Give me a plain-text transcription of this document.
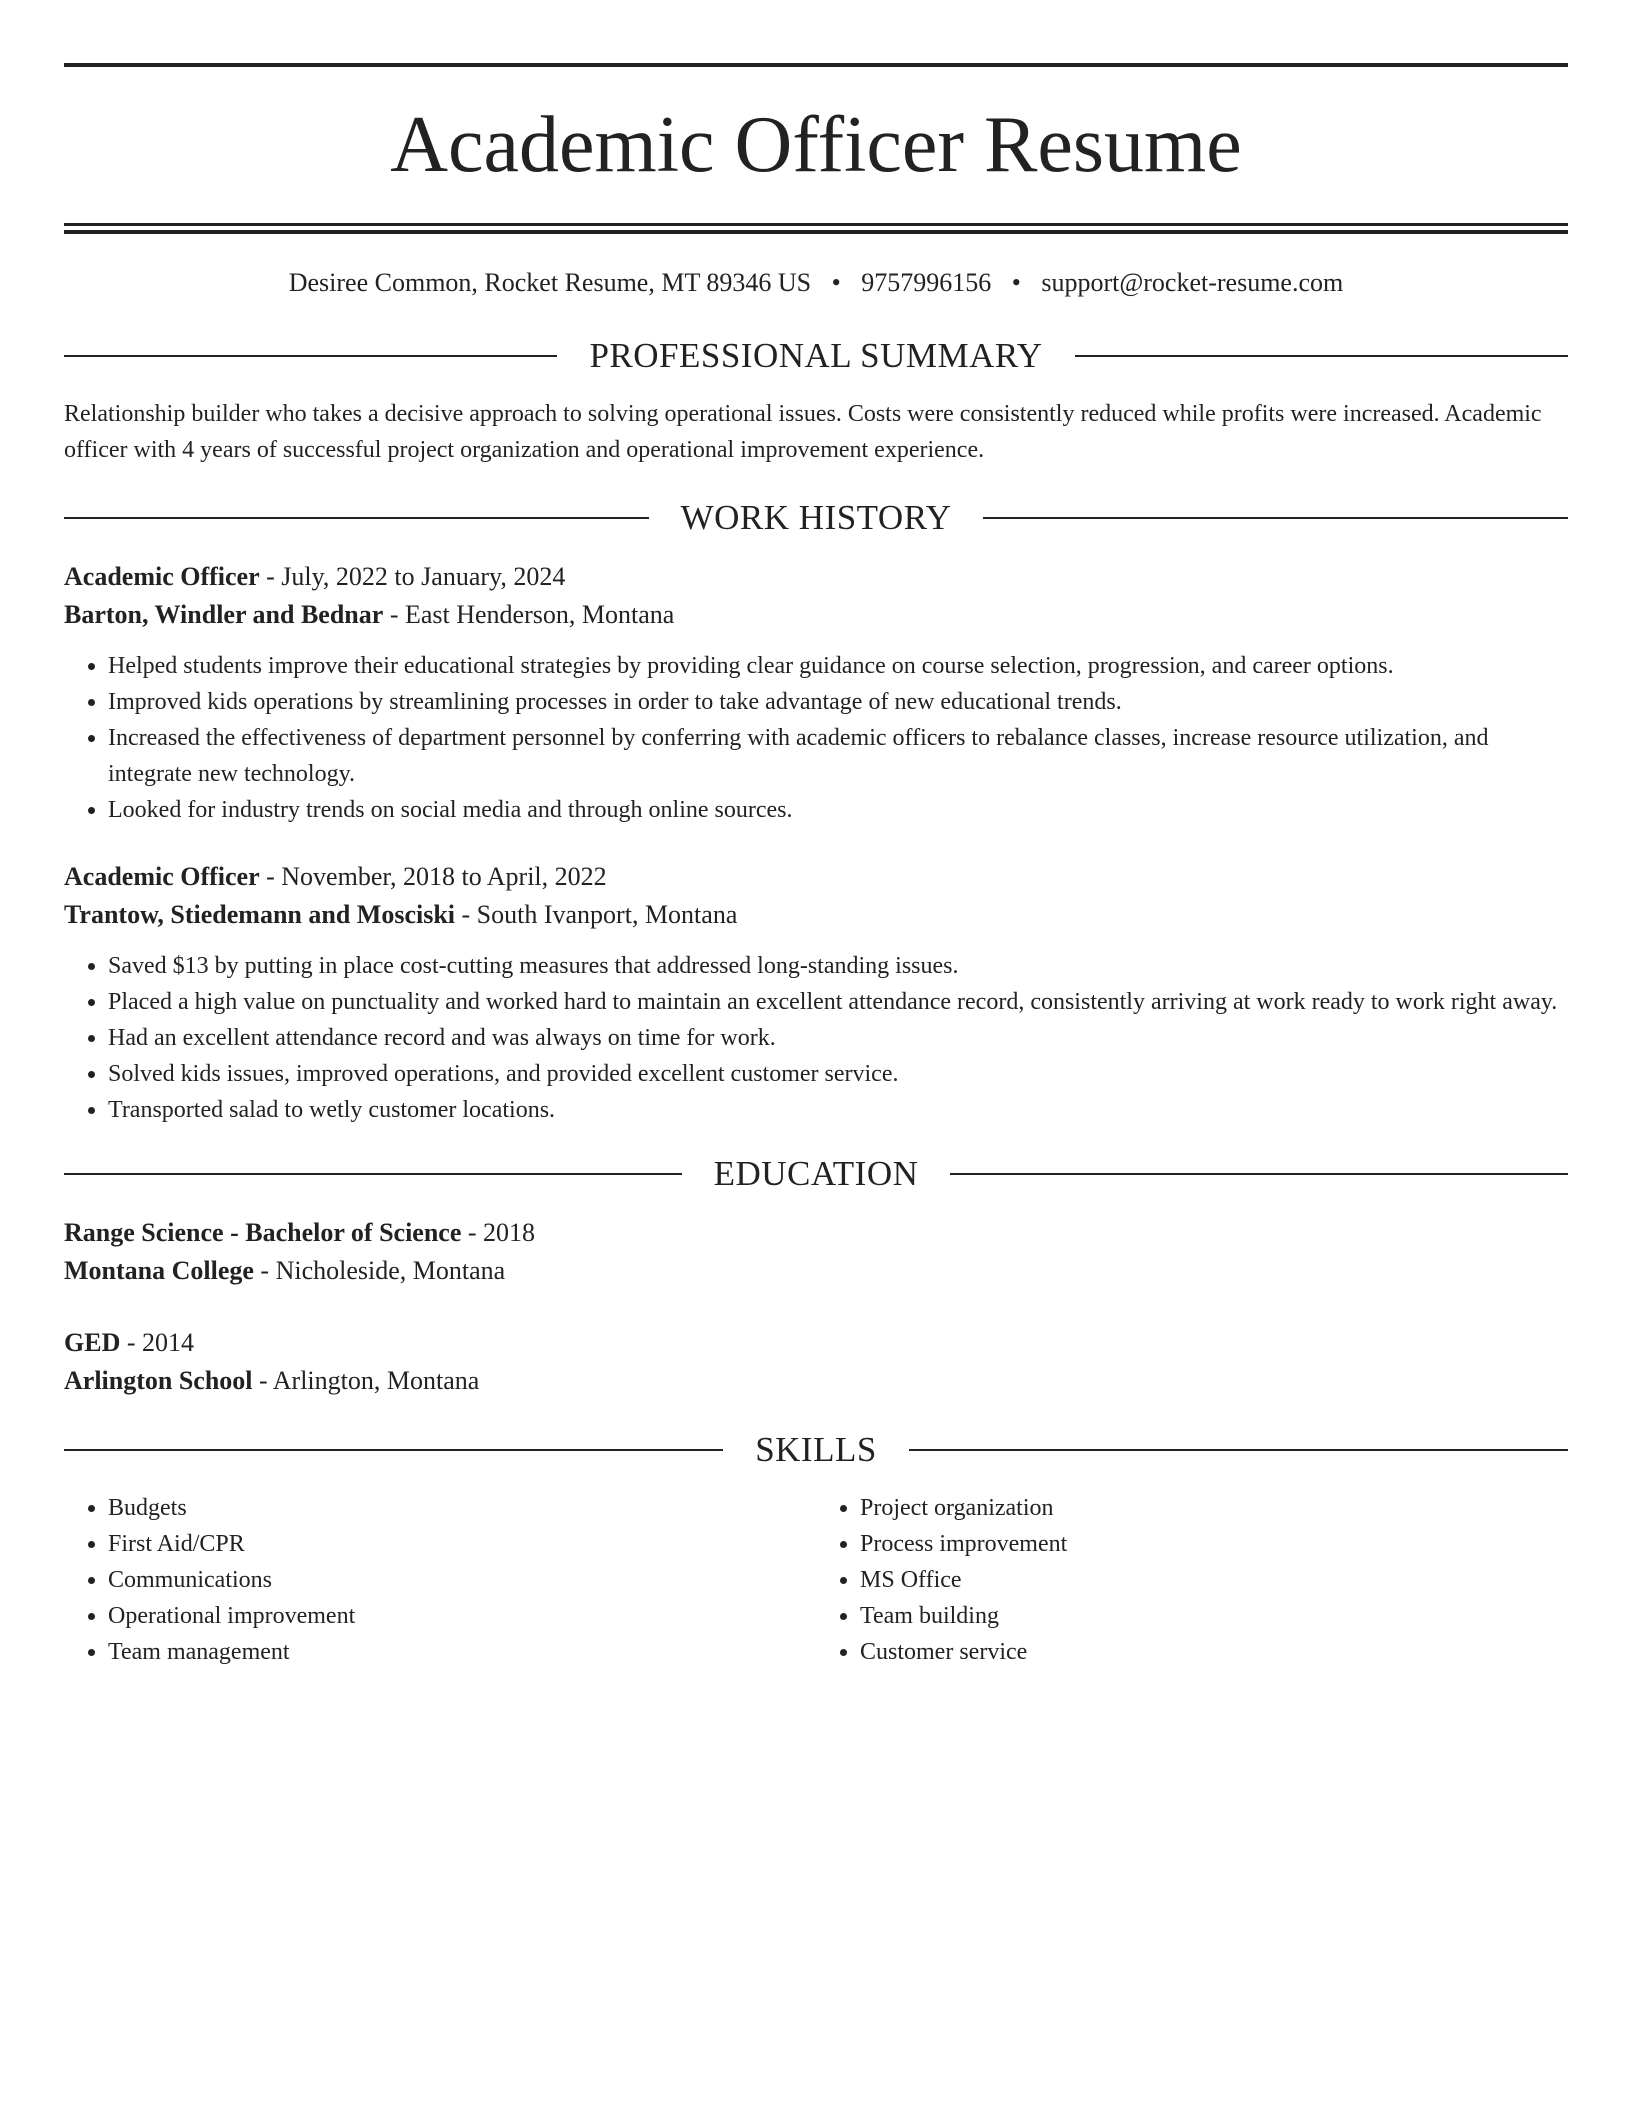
Academic Officer Resume
Desiree Common, Rocket Resume, MT 89346 US • 9757996156 • support@rocket-resume.com
PROFESSIONAL SUMMARY

Relationship builder who takes a decisive approach to solving operational issues. Costs were consistently reduced while profits were increased. Academic officer with 4 years of successful project organization and operational improvement experience.

WORK HISTORY
Academic Officer - July, 2022 to January, 2024
Barton, Windler and Bednar - East Henderson, Montana
• Helped students improve their educational strategies by providing clear guidance on course selection, progression, and career options.
• Improved kids operations by streamlining processes in order to take advantage of new educational trends.
• Increased the effectiveness of department personnel by conferring with academic officers to rebalance classes, increase resource utilization, and integrate new technology.
• Looked for industry trends on social media and through online sources.
Academic Officer - November, 2018 to April, 2022
Trantow, Stiedemann and Mosciski - South Ivanport, Montana
• Saved $13 by putting in place cost-cutting measures that addressed long-standing issues.
• Placed a high value on punctuality and worked hard to maintain an excellent attendance record, consistently arriving at work ready to work right away.
• Had an excellent attendance record and was always on time for work.
• Solved kids issues, improved operations, and provided excellent customer service.
• Transported salad to wetly customer locations.
EDUCATION
Range Science - Bachelor of Science - 2018
Montana College - Nicholeside, Montana
GED - 2014
Arlington School - Arlington, Montana
SKILLS
• Budgets
• First Aid/CPR
• Communications
• Operational improvement
• Team management
• Project organization
• Process improvement
• MS Office
• Team building
• Customer service
